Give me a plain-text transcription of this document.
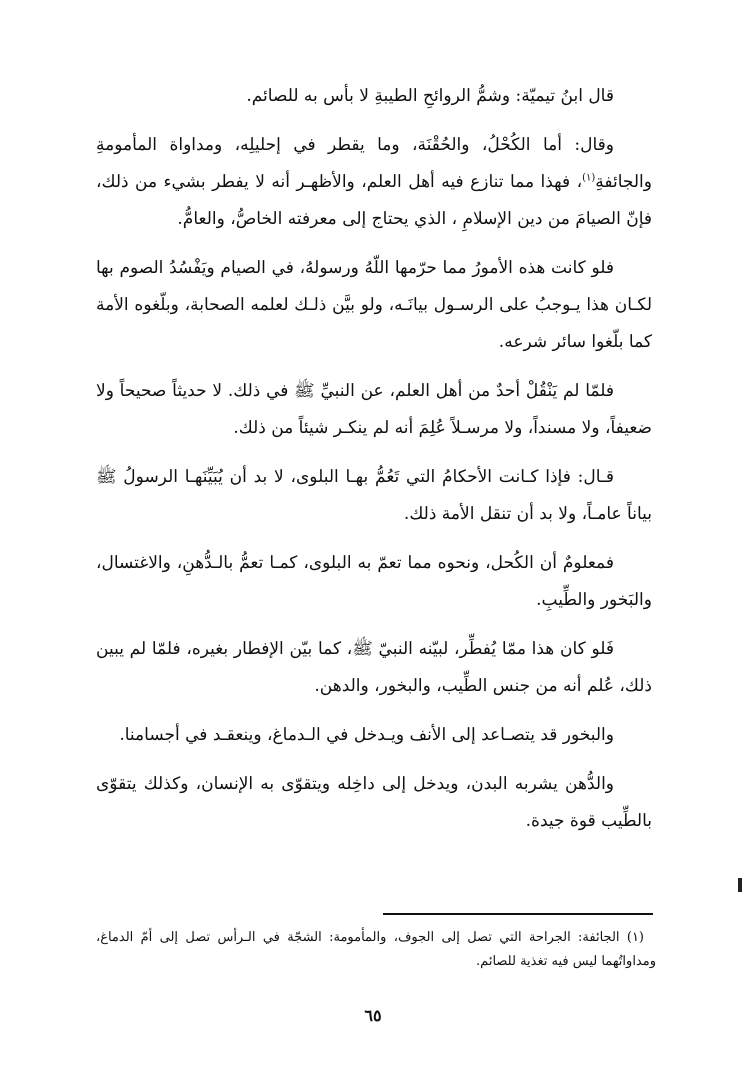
قال ابنُ تيميّة: وشمُّ الروائحِ الطيبةِ لا بأس به للصائم.

وقال: أما الكُحْلُ، والحُقْنَة، وما يقطر في إحليلِه، ومداواة المأمومةِ والجائفةِ$^{(١)}$، فهذا مما تنازع فيه أهل العلم، والأظهـر أنه لا يفطر بشيء من ذلك، فإنّ الصيامَ من دين الإسلامِ ، الذي يحتاج إلى معرفته الخاصُّ، والعامُّ.

فلو كانت هذه الأمورُ مما حرّمها اللّهُ ورسولهُ، في الصيام ويَفْسُدُ الصوم بها لكـان هذا يـوجبُ على الرسـول بيانَـه، ولو بيَّن ذلـك لعلمه الصحابة، وبلّغوه الأمة كما بلّغوا سائر شرعه.

فلمّا لم يَنْقُلْ أحدٌ من أهل العلم، عن النبيِّ ﷺ في ذلك. لا حديثاً صحيحاً ولا ضعيفاً، ولا مسنداً، ولا مرسـلاً عُلِمَ أنه لم ينكـر شيئاً من ذلك.

قـال: فإذا كـانت الأحكامُ التي تَعُمُّ بهـا البلوى، لا بد أن يُبَيِّنَهـا الرسولُ ﷺ بياناً عامـاً، ولا بد أن تنقل الأمة ذلك.

فمعلومٌ أن الكُحل، ونحوه مما تعمّ به البلوى، كمـا تعمُّ بالـدُّهنِ، والاغتسال، والبَخور والطِّيبِ.

فَلو كان هذا ممّا يُفطِّر، لبيّنه النبيّ ﷺ، كما بيّن الإفطار بغيره، فلمّا لم يبين ذلك، عُلم أنه من جنس الطِّيب، والبخور، والدهن.

والبخور قد يتصـاعد إلى الأنف ويـدخل في الـدماغ، وينعقـد في أجسامنا.

والدُّهن يشربه البدن، ويدخل إلى داخِله ويتقوّى به الإنسان، وكذلك يتقوّى بالطِّيب قوة جيدة.

(١) الجائفة: الجراحة التي تصل إلى الجوف، والمأمومة: الشجّة في الـرأس تصل إلى أمّ الدماغ، ومداواتُهما ليس فيه تغذية للصائم.
٦٥
